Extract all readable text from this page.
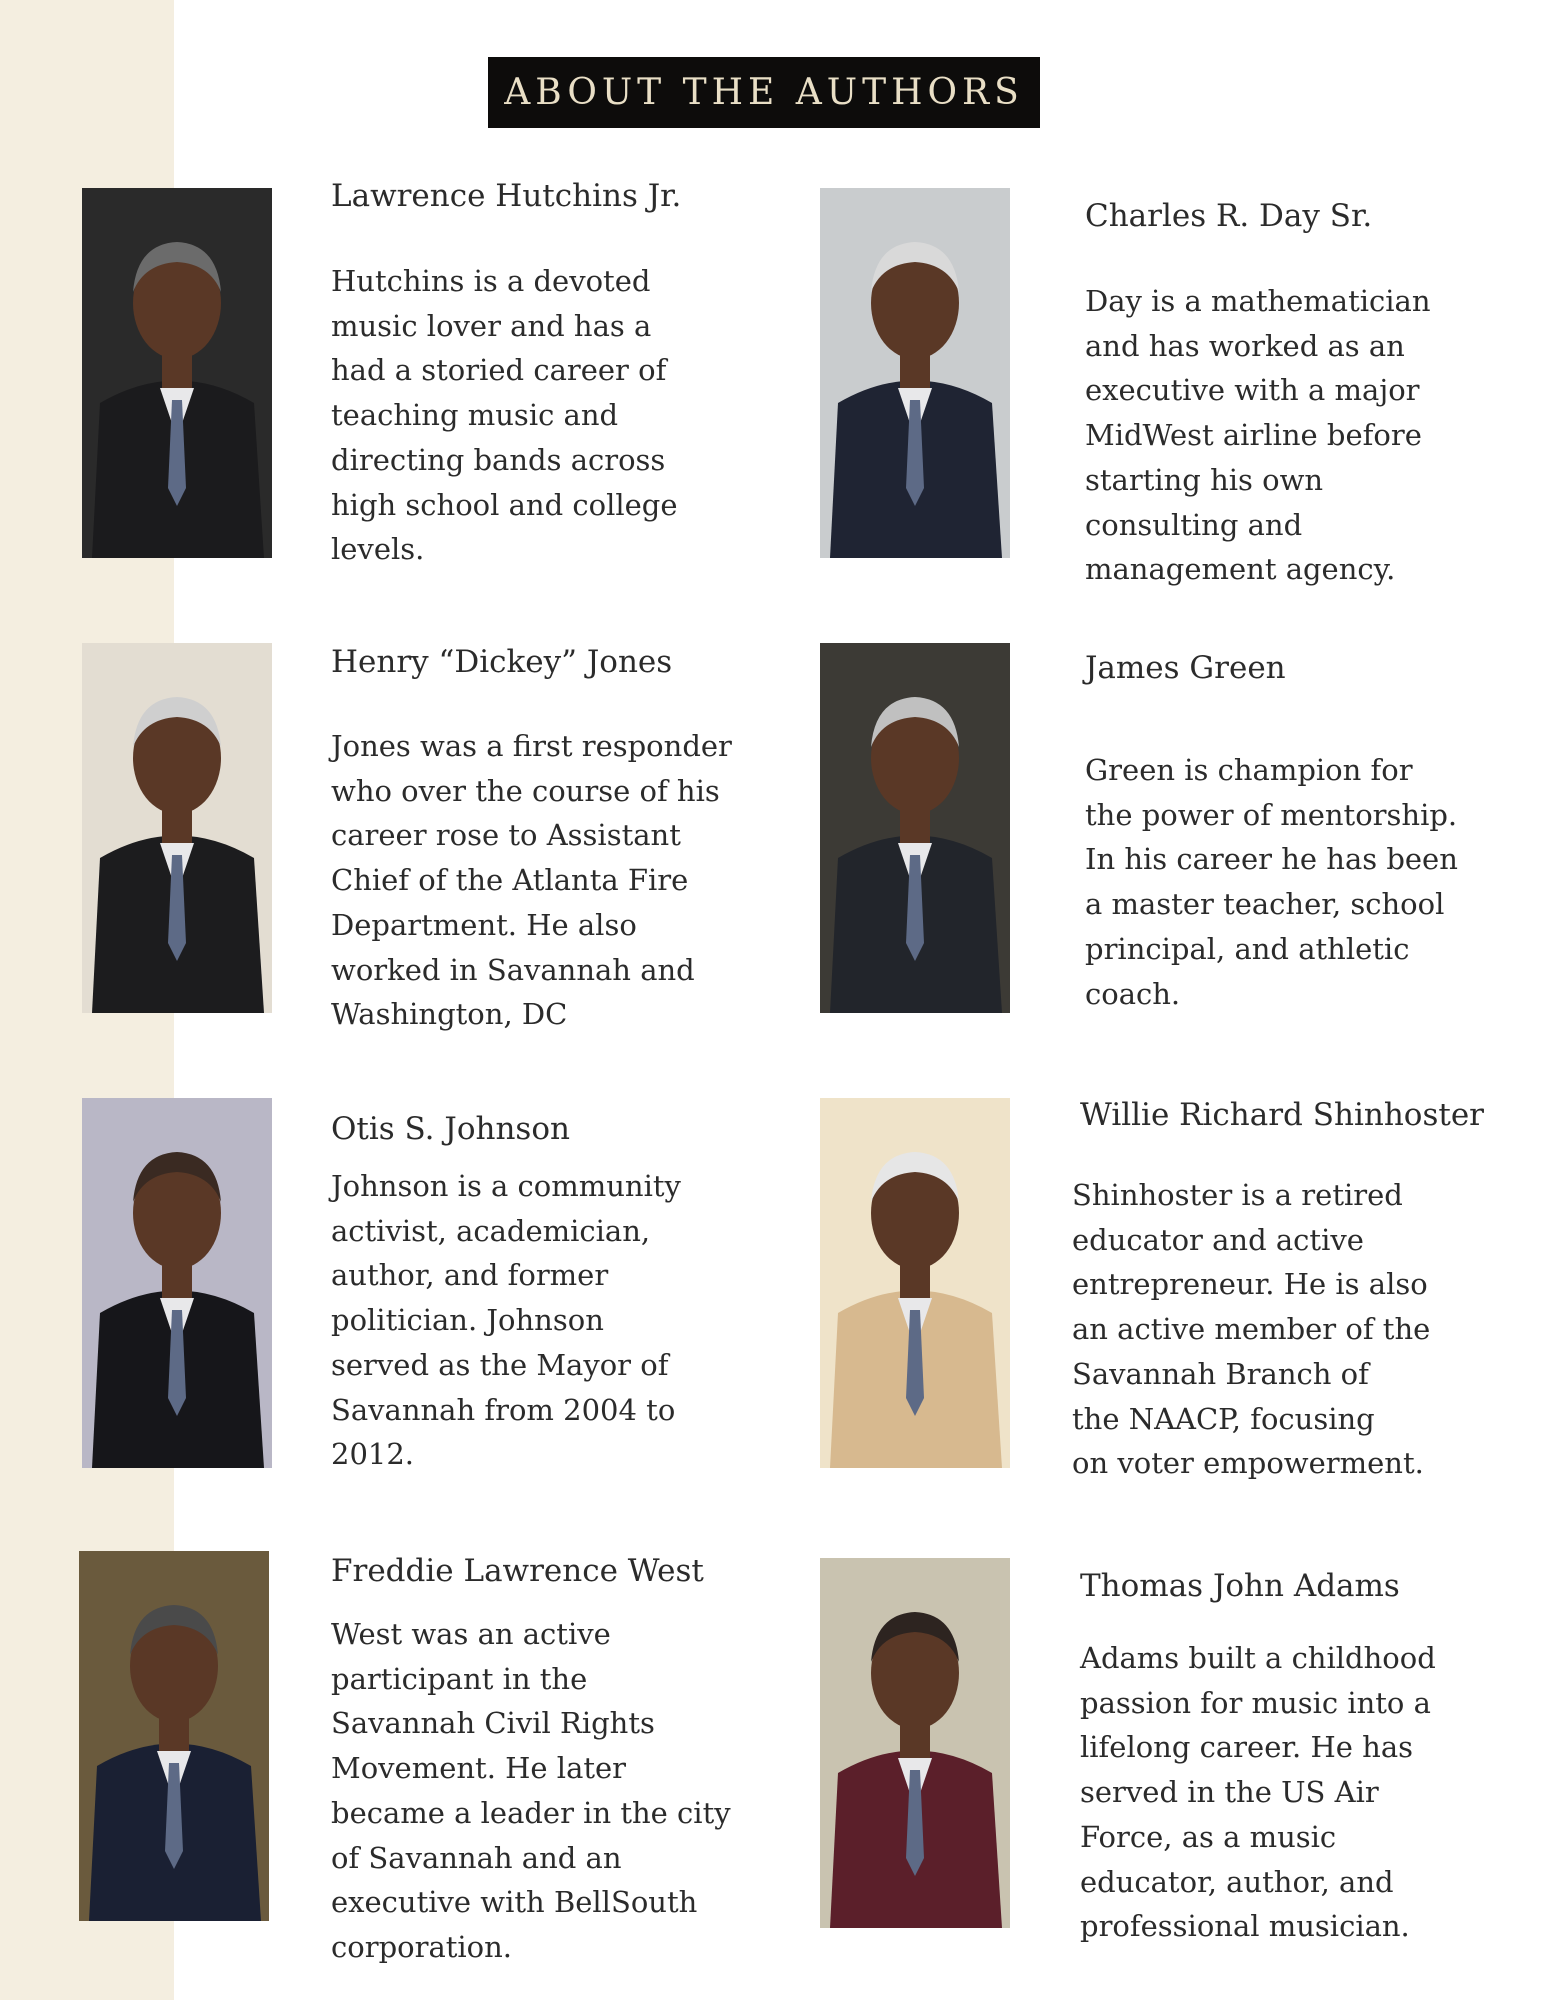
ABOUT THE AUTHORS
Lawrence Hutchins Jr.
Hutchins is a devoted
music lover and has a
had a storied career of
teaching music and
directing bands across
high school and college
levels.
Charles R. Day Sr.
Day is a mathematician
and has worked as an
executive with a major
MidWest airline before
starting his own
consulting and
management agency.
Henry “Dickey” Jones
Jones was a first responder
who over the course of his
career rose to Assistant
Chief of the Atlanta Fire
Department. He also
worked in Savannah and
Washington, DC
James Green
Green is champion for
the power of mentorship.
In his career he has been
a master teacher, school
principal, and athletic
coach.
Otis S. Johnson
Johnson is a community
activist, academician,
author, and former
politician. Johnson
served as the Mayor of
Savannah from 2004 to
2012.
Willie Richard Shinhoster
Shinhoster is a retired
educator and active
entrepreneur. He is also
an active member of the
Savannah Branch of
the NAACP, focusing
on voter empowerment.
Freddie Lawrence West
West was an active
participant in the
Savannah Civil Rights
Movement. He later
became a leader in the city
of Savannah and an
executive with BellSouth
corporation.
Thomas John Adams
Adams built a childhood
passion for music into a
lifelong career. He has
served in the US Air
Force, as a music
educator, author, and
professional musician.
